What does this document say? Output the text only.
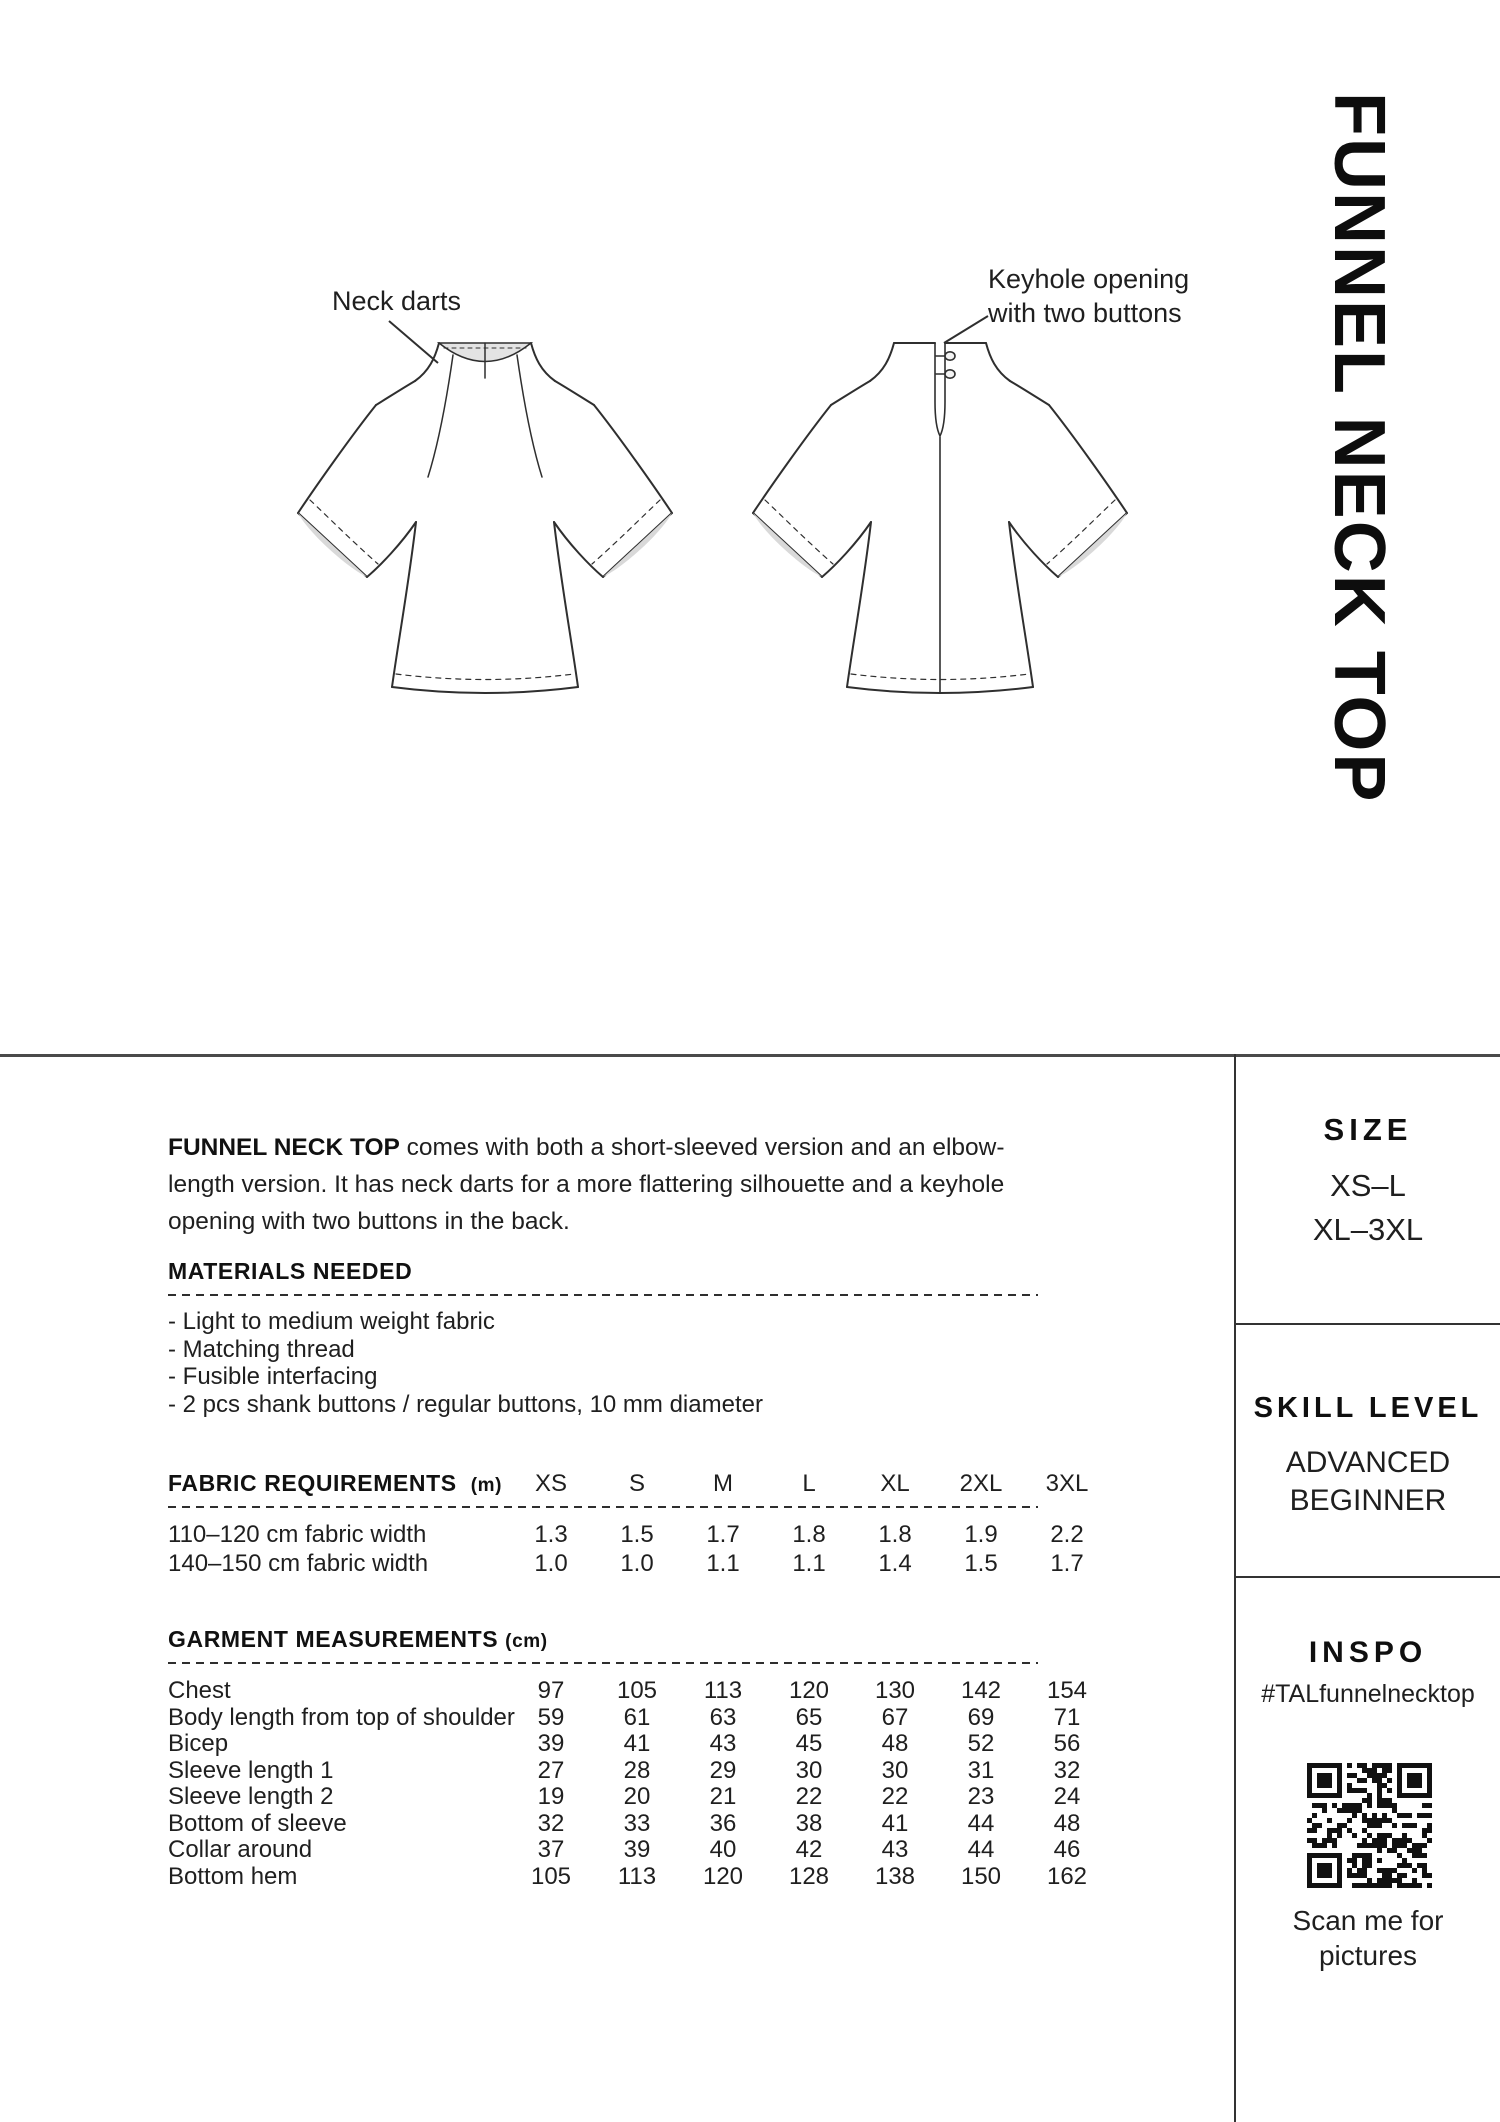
Neck darts
Keyhole opening
with two buttons FUNNEL NECK TOP

FUNNEL NECK TOP comes with both a short-sleeved version and an elbow-length version. It has neck darts for a more flattering silhouette and a keyhole opening with two buttons in the back.

MATERIALS NEEDED
- Light to medium weight fabric
- Matching thread
- Fusible interfacing
- 2 pcs shank buttons / regular buttons, 10 mm diameter
FABRIC REQUIREMENTS (m)	XS	S	M	L	XL	2XL	3XL
110–120 cm fabric width	1.3	1.5	1.7	1.8	1.8	1.9	2.2
140–150 cm fabric width	1.0	1.0	1.1	1.1	1.4	1.5	1.7
GARMENT MEASUREMENTS (cm)
Chest	97	105	113	120	130	142	154
Body length from top of shoulder 59	61	63	65	67	69	71
Bicep	39	41	43	45	48	52	56
Sleeve length 1	27	28	29	30	30	31	32
Sleeve length 2	19	20	21	22	22	23	24
Bottom of sleeve	32	33	36	38	41	44	48
Collar around	37	39	40	42	43	44	46
Bottom hem	105	113	120	128	138	150	162
SIZE
XS–L
XL–3XL
SKILL LEVEL
ADVANCED
BEGINNER
INSPO
#TALfunnelnecktop
Scan me for
pictures
